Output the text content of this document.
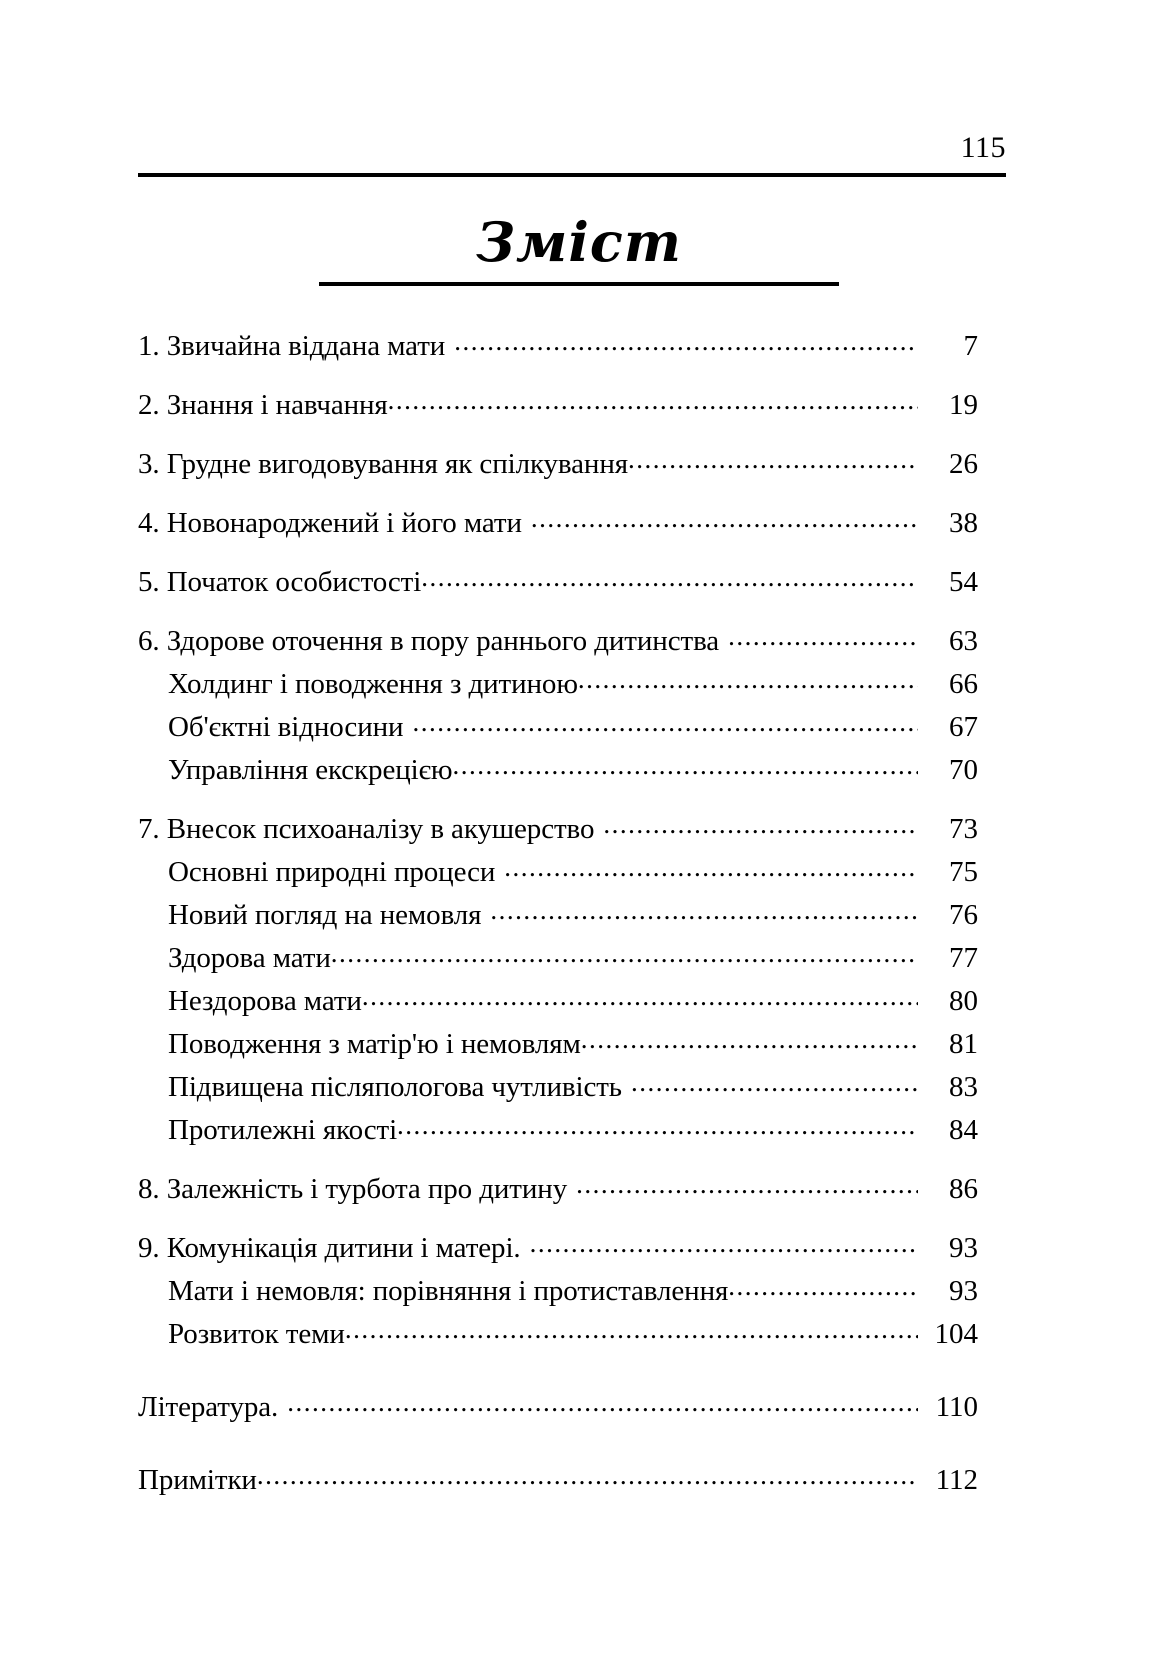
115
Зміст
1. Звичайна віддана мати .....	7
2. Знання і навчання .....	19
3. Грудне вигодовування як спілкування .....	26
4. Новонароджений і його мати .....	38
5. Початок особистості .....	54
6. Здорове оточення в пору раннього дитинства .....	63
Холдинг і поводження з дитиною .....	66
Об'єктні відносини .....	67
Управління екскрецією .....	70
7. Внесок психоаналізу в акушерство .....	73
Основні природні процеси .....	75
Новий погляд на немовля .....	76
Здорова мати .....	77
Нездорова мати .....	80
Поводження з матір'ю і немовлям .....	81
Підвищена післяпологова чутливість .....	83
Протилежні якості .....	84
8. Залежність і турбота про дитину .....	86
9. Комунікація дитини і матері. .....	93
Мати і немовля: порівняння і протиставлення .....	93
Розвиток теми .....	104
Література. .....	110
Примітки .....	112
